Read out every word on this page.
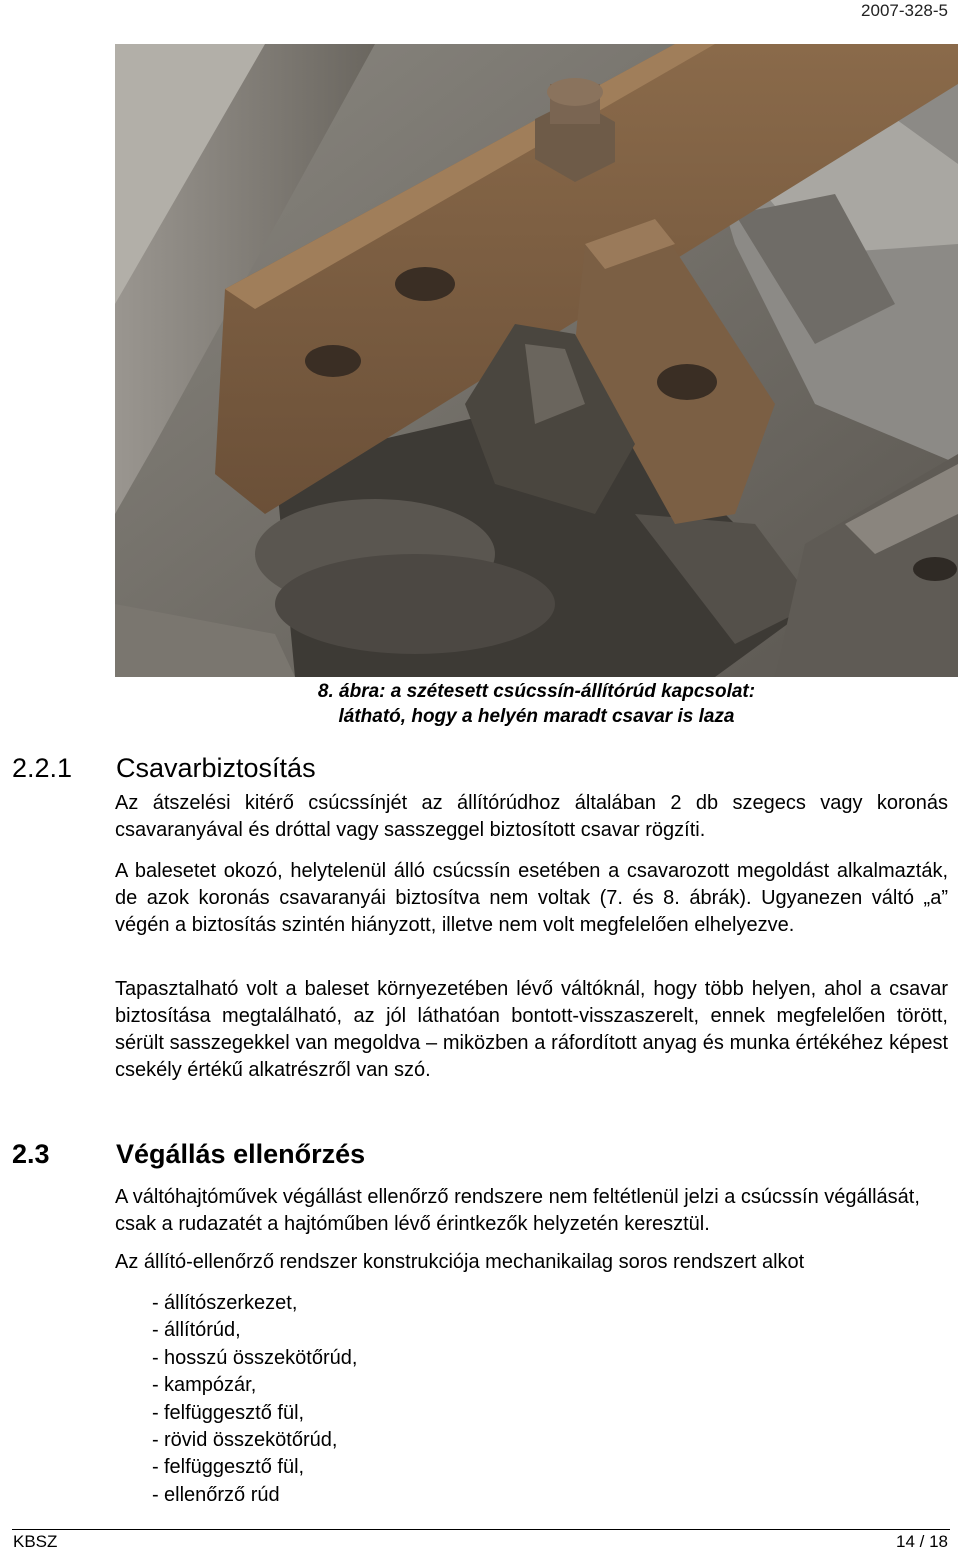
2007-328-5
8. ábra: a szétesett csúcssín-állítórúd kapcsolat:
látható, hogy a helyén maradt csavar is laza
2.2.1 Csavarbiztosítás

Az átszelési kitérő csúcssínjét az állítórúdhoz általában 2 db szegecs vagy koronás csavaranyával és dróttal vagy sasszeggel biztosított csavar rögzíti.

A balesetet okozó, helytelenül álló csúcssín esetében a csavarozott megoldást alkalmazták, de azok koronás csavaranyái biztosítva nem voltak (7. és 8. ábrák). Ugyanezen váltó „a” végén a biztosítás szintén hiányzott, illetve nem volt megfelelően elhelyezve.

Tapasztalható volt a baleset környezetében lévő váltóknál, hogy több helyen, ahol a csavar biztosítása megtalálható, az jól láthatóan bontott-visszaszerelt, ennek megfelelően törött, sérült sasszegekkel van megoldva – miközben a ráfordított anyag és munka értékéhez képest csekély értékű alkatrészről van szó.

2.3 Végállás ellenőrzés

A váltóhajtóművek végállást ellenőrző rendszere nem feltétlenül jelzi a csúcssín végállását, csak a rudazatét a hajtóműben lévő érintkezők helyzetén keresztül.

Az állító-ellenőrző rendszer konstrukciója mechanikailag soros rendszert alkot

- állítószerkezet,
- állítórúd,
- hosszú összekötőrúd,
- kampózár,
- felfüggesztő fül,
- rövid összekötőrúd,
- felfüggesztő fül,
- ellenőrző rúd
KBSZ	14 / 18
